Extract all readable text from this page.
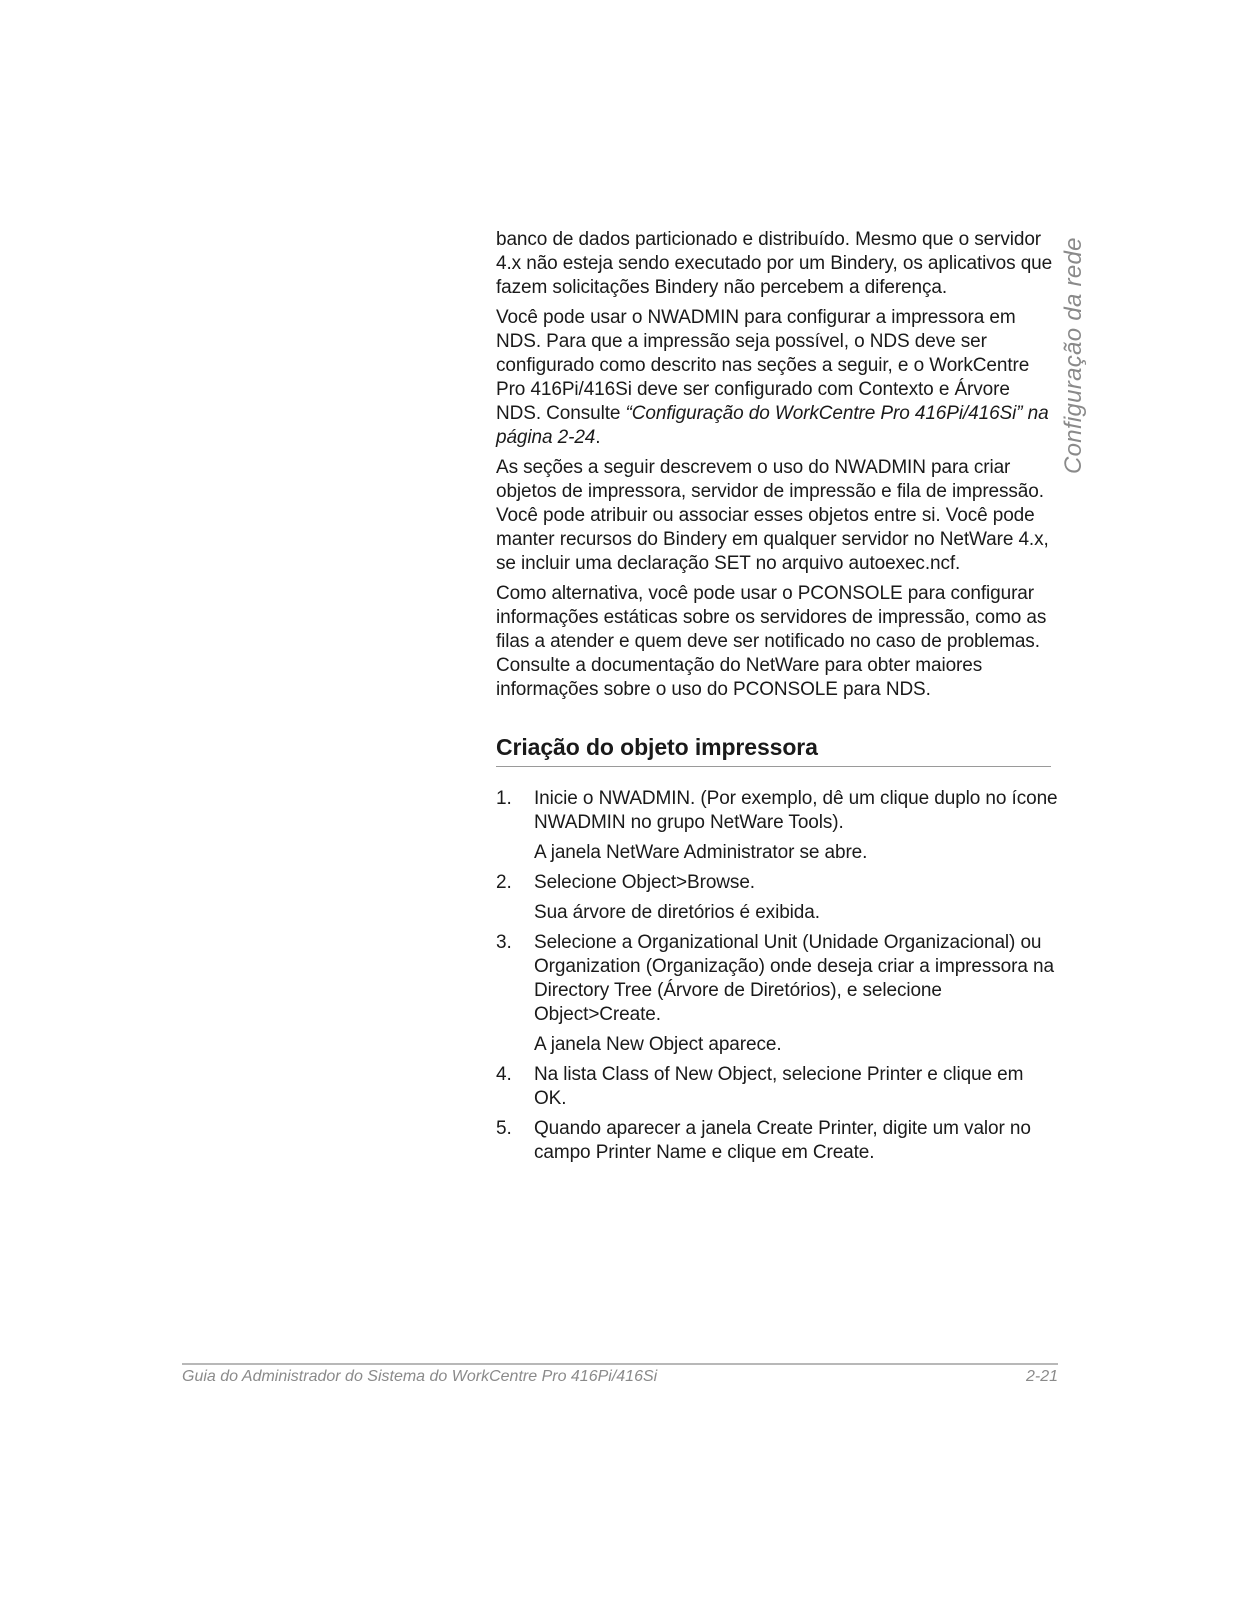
Configuração da rede

banco de dados particionado e distribuído. Mesmo que o servidor 4.x não esteja sendo executado por um Bindery, os aplicativos que fazem solicitações Bindery não percebem a diferença.

Você pode usar o NWADMIN para configurar a impressora em NDS. Para que a impressão seja possível, o NDS deve ser configurado como descrito nas seções a seguir, e o WorkCentre Pro 416Pi/416Si deve ser configurado com Contexto e Árvore NDS. Consulte “Configuração do WorkCentre Pro 416Pi/416Si” na página 2-24.

As seções a seguir descrevem o uso do NWADMIN para criar objetos de impressora, servidor de impressão e fila de impressão. Você pode atribuir ou associar esses objetos entre si. Você pode manter recursos do Bindery em qualquer servidor no NetWare 4.x, se incluir uma declaração SET no arquivo autoexec.ncf.

Como alternativa, você pode usar o PCONSOLE para configurar informações estáticas sobre os servidores de impressão, como as filas a atender e quem deve ser notificado no caso de problemas. Consulte a documentação do NetWare para obter maiores informações sobre o uso do PCONSOLE para NDS.

Criação do objeto impressora
1.	Inicie o NWADMIN. (Por exemplo, dê um clique duplo no ícone NWADMIN no grupo NetWare Tools).
A janela NetWare Administrator se abre.
2.	Selecione Object>Browse.
Sua árvore de diretórios é exibida.
3.	Selecione a Organizational Unit (Unidade Organizacional) ou Organization (Organização) onde deseja criar a impressora na Directory Tree (Árvore de Diretórios), e selecione Object>Create.
A janela New Object aparece.
4.	Na lista Class of New Object, selecione Printer e clique em OK.
5.	Quando aparecer a janela Create Printer, digite um valor no campo Printer Name e clique em Create.
Guia do Administrador do Sistema do WorkCentre Pro 416Pi/416Si	2-21
